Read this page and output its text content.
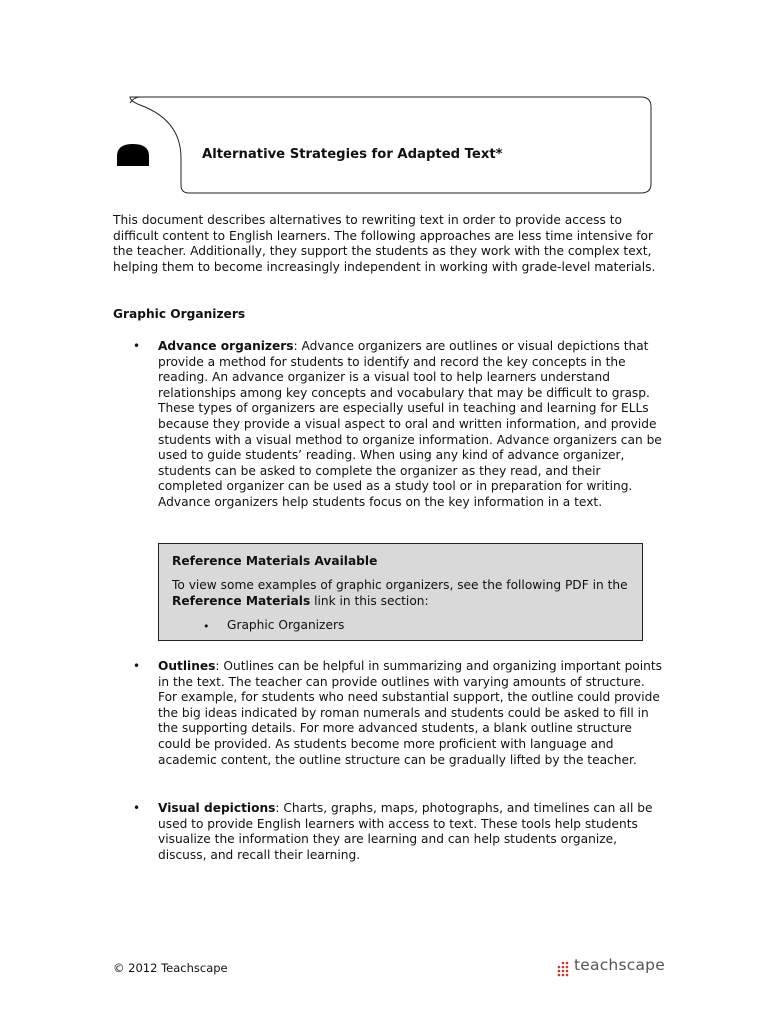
Alternative Strategies for Adapted Text*
This document describes alternatives to rewriting text in order to provide access to difficult content to English learners. The following approaches are less time intensive for the teacher. Additionally, they support the students as they work with the complex text, helping them to become increasingly independent in working with grade-level materials.
Graphic Organizers
• Advance organizers: Advance organizers are outlines or visual depictions that provide a method for students to identify and record the key concepts in the reading. An advance organizer is a visual tool to help learners understand relationships among key concepts and vocabulary that may be difficult to grasp. These types of organizers are especially useful in teaching and learning for ELLs because they provide a visual aspect to oral and written information, and provide students with a visual method to organize information. Advance organizers can be used to guide students’ reading. When using any kind of advance organizer, students can be asked to complete the organizer as they read, and their completed organizer can be used as a study tool or in preparation for writing. Advance organizers help students focus on the key information in a text.
Reference Materials Available
To view some examples of graphic organizers, see the following PDF in the Reference Materials link in this section:
• Graphic Organizers
• Outlines: Outlines can be helpful in summarizing and organizing important points in the text. The teacher can provide outlines with varying amounts of structure. For example, for students who need substantial support, the outline could provide the big ideas indicated by roman numerals and students could be asked to fill in the supporting details. For more advanced students, a blank outline structure could be provided. As students become more proficient with language and academic content, the outline structure can be gradually lifted by the teacher.
• Visual depictions: Charts, graphs, maps, photographs, and timelines can all be used to provide English learners with access to text. These tools help students visualize the information they are learning and can help students organize, discuss, and recall their learning.
© 2012 Teachscape	teachscape
